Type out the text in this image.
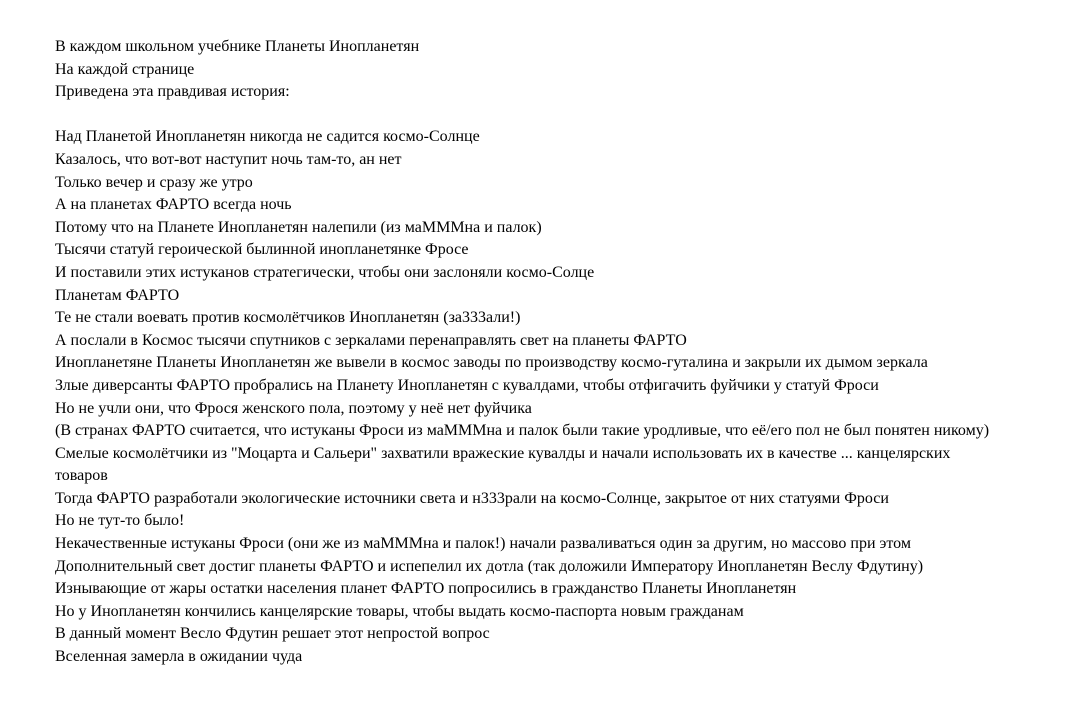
В каждом школьном учебнике Планеты Инопланетян
На каждой странице
Приведена эта правдивая история:
Над Планетой Инопланетян никогда не садится космо-Солнце
Казалось, что вот-вот наступит ночь там-то, ан нет
Только вечер и сразу же утро
А на планетах ФАРТО всегда ночь
Потому что на Планете Инопланетян налепили (из маМММна и палок)
Тысячи статуй героической былинной инопланетянке Фросе
И поставили этих истуканов стратегически, чтобы они заслоняли космо-Солце
Планетам ФАРТО
Те не стали воевать против космолётчиков Инопланетян (за333али!)
А послали в Космос тысячи спутников с зеркалами перенаправлять свет на планеты ФАРТО
Инопланетяне Планеты Инопланетян же вывели в космос заводы по производству космо-гуталина и закрыли их дымом зеркала
Злые диверсанты ФАРТО пробрались на Планету Инопланетян с кувалдами, чтобы отфигачить фуйчики у статуй Фроси
Но не учли они, что Фрося женского пола, поэтому у неё нет фуйчика
(В странах ФАРТО считается, что истуканы Фроси из маМММна и палок были такие уродливые, что её/его пол не был понятен никому)
Смелые космолётчики из "Моцарта и Сальери" захватили вражеские кувалды и начали использовать их в качестве ... канцелярских товаров
Тогда ФАРТО разработали экологические источники света и н333рали на космо-Солнце, закрытое от них статуями Фроси
Но не тут-то было!
Некачественные истуканы Фроси (они же из маМММна и палок!) начали разваливаться один за другим, но массово при этом
Дополнительный свет достиг планеты ФАРТО и испепелил их дотла (так доложили Императору Инопланетян Веслу Фдутину)
Изнывающие от жары остатки населения планет ФАРТО попросились в гражданство Планеты Инопланетян
Но у Инопланетян кончились канцелярские товары, чтобы выдать космо-паспорта новым гражданам
В данный момент Весло Фдутин решает этот непростой вопрос
Вселенная замерла в ожидании чуда
